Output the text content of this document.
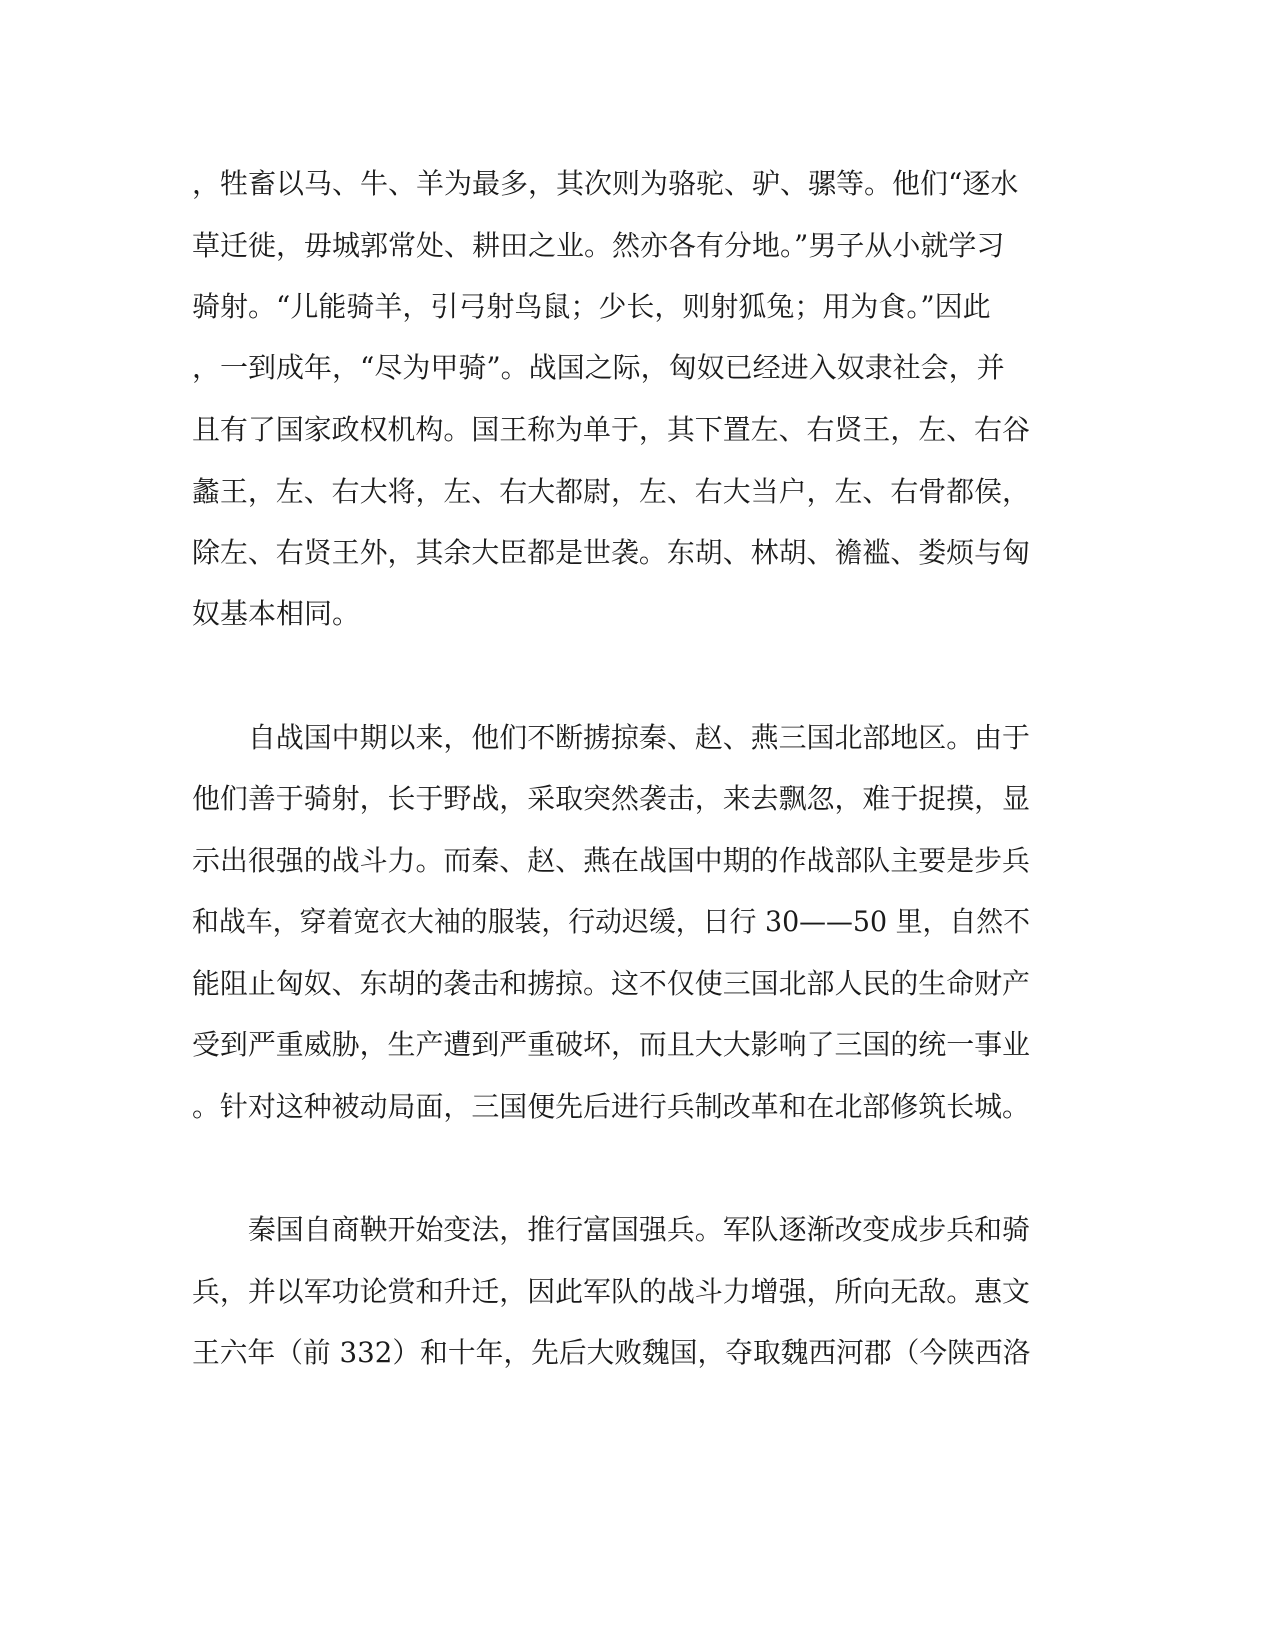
，牲畜以马、牛、羊为最多，其次则为骆驼、驴、骡等。他们“逐水
草迁徙，毋城郭常处、耕田之业。然亦各有分地。”男子从小就学习
骑射。“儿能骑羊，引弓射鸟鼠；少长，则射狐兔；用为食。”因此
，一到成年，“尽为甲骑”。战国之际，匈奴已经进入奴隶社会，并
且有了国家政权机构。国王称为单于，其下置左、右贤王，左、右谷
蠡王，左、右大将，左、右大都尉，左、右大当户，左、右骨都侯，
除左、右贤王外，其余大臣都是世袭。东胡、林胡、襜褴、娄烦与匈
奴基本相同。
　　自战国中期以来，他们不断掳掠秦、赵、燕三国北部地区。由于
他们善于骑射，长于野战，采取突然袭击，来去飘忽，难于捉摸，显
示出很强的战斗力。而秦、赵、燕在战国中期的作战部队主要是步兵
和战车，穿着宽衣大袖的服装，行动迟缓，日行 30——50 里，自然不
能阻止匈奴、东胡的袭击和掳掠。这不仅使三国北部人民的生命财产
受到严重威胁，生产遭到严重破坏，而且大大影响了三国的统一事业
。针对这种被动局面，三国便先后进行兵制改革和在北部修筑长城。
　　秦国自商鞅开始变法，推行富国强兵。军队逐渐改变成步兵和骑
兵，并以军功论赏和升迁，因此军队的战斗力增强，所向无敌。惠文
王六年（前 332）和十年，先后大败魏国，夺取魏西河郡（今陕西洛
